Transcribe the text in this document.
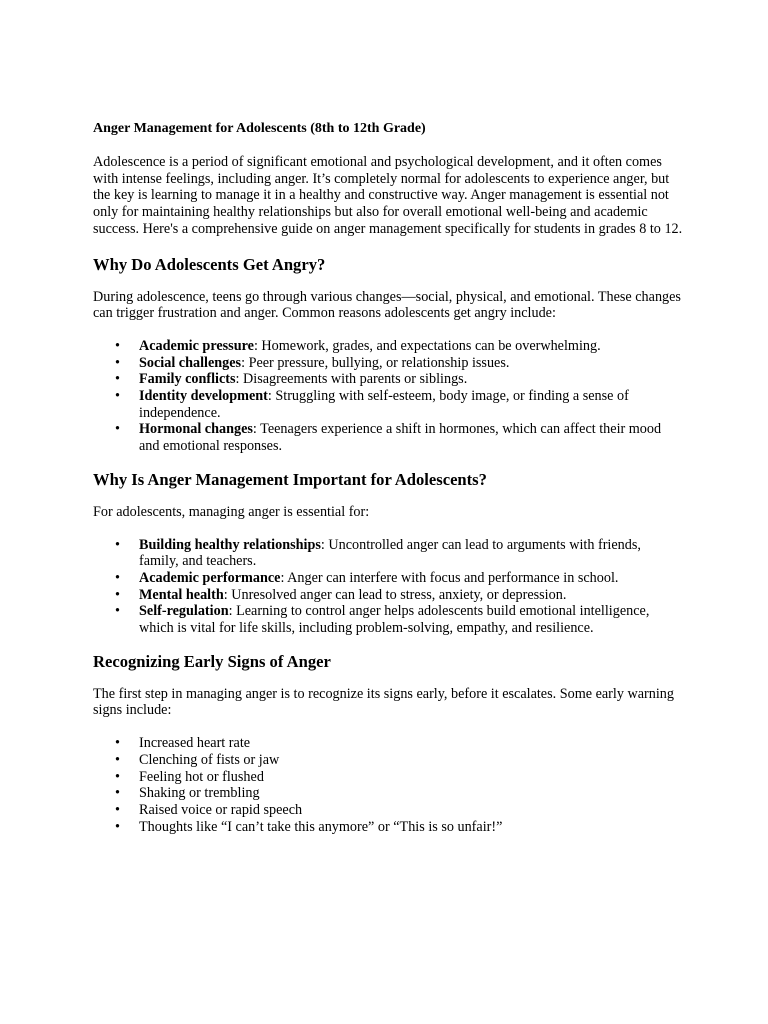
Anger Management for Adolescents (8th to 12th Grade)

Adolescence is a period of significant emotional and psychological development, and it often comes with intense feelings, including anger. It’s completely normal for adolescents to experience anger, but the key is learning to manage it in a healthy and constructive way. Anger management is essential not only for maintaining healthy relationships but also for overall emotional well-being and academic success. Here's a comprehensive guide on anger management specifically for students in grades 8 to 12.

Why Do Adolescents Get Angry?

During adolescence, teens go through various changes—social, physical, and emotional. These changes can trigger frustration and anger. Common reasons adolescents get angry include:

• Academic pressure: Homework, grades, and expectations can be overwhelming.
• Social challenges: Peer pressure, bullying, or relationship issues.
• Family conflicts: Disagreements with parents or siblings.
• Identity development: Struggling with self-esteem, body image, or finding a sense of independence.
• Hormonal changes: Teenagers experience a shift in hormones, which can affect their mood and emotional responses.
Why Is Anger Management Important for Adolescents?

For adolescents, managing anger is essential for:

• Building healthy relationships: Uncontrolled anger can lead to arguments with friends, family, and teachers.
• Academic performance: Anger can interfere with focus and performance in school.
• Mental health: Unresolved anger can lead to stress, anxiety, or depression.
• Self-regulation: Learning to control anger helps adolescents build emotional intelligence, which is vital for life skills, including problem-solving, empathy, and resilience.
Recognizing Early Signs of Anger

The first step in managing anger is to recognize its signs early, before it escalates. Some early warning signs include:

• Increased heart rate
• Clenching of fists or jaw
• Feeling hot or flushed
• Shaking or trembling
• Raised voice or rapid speech
• Thoughts like “I can’t take this anymore” or “This is so unfair!”
